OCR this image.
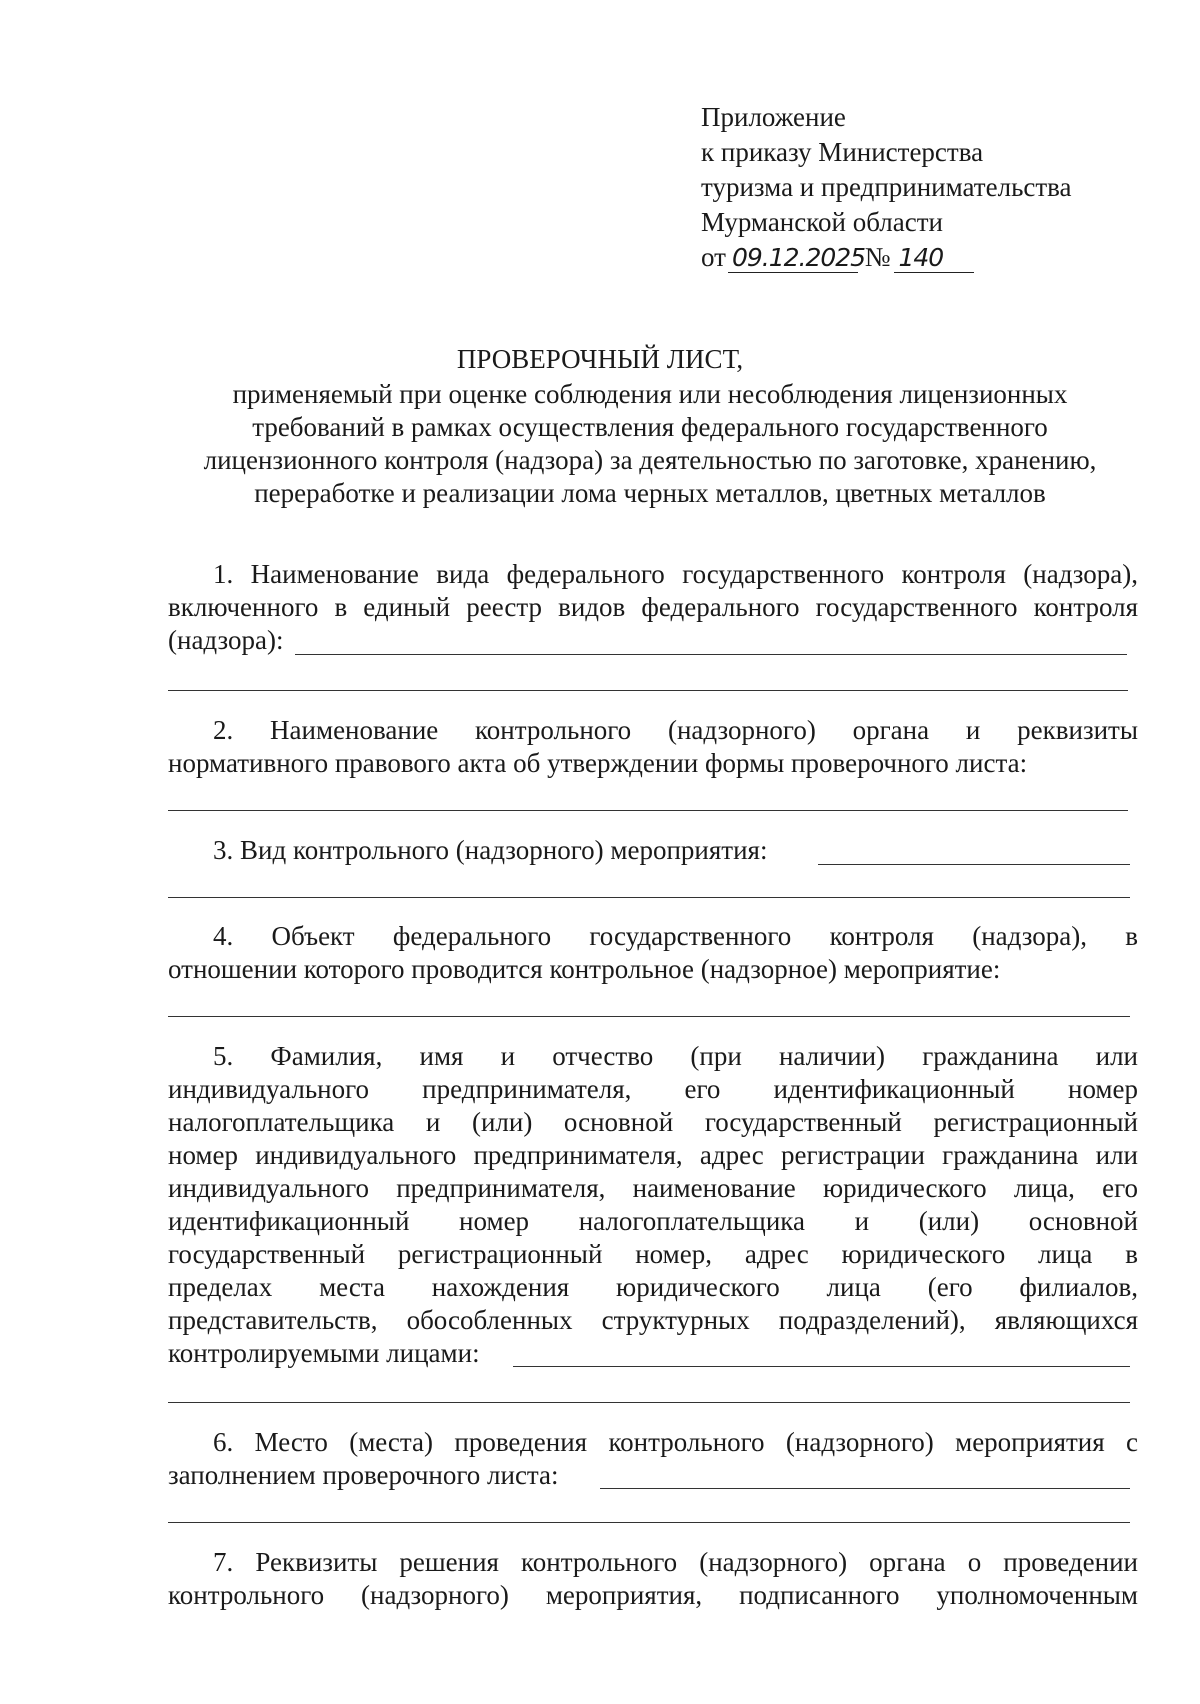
Приложение
к приказу Министерства
туризма и предпринимательства
Мурманской области
от 09.12.2025 № 140
ПРОВЕРОЧНЫЙ ЛИСТ,
применяемый при оценке соблюдения или несоблюдения лицензионных
требований в рамках осуществления федерального государственного
лицензионного контроля (надзора) за деятельностью по заготовке, хранению,
переработке и реализации лома черных металлов, цветных металлов
1. Наименование вида федерального государственного контроля (надзора),
включенного в единый реестр видов федерального государственного контроля
(надзора):
2. Наименование контрольного (надзорного) органа и реквизиты
нормативного правового акта об утверждении формы проверочного листа:
3. Вид контрольного (надзорного) мероприятия:
4. Объект федерального государственного контроля (надзора), в
отношении которого проводится контрольное (надзорное) мероприятие:
5. Фамилия, имя и отчество (при наличии) гражданина или
индивидуального предпринимателя, его идентификационный номер
налогоплательщика и (или) основной государственный регистрационный
номер индивидуального предпринимателя, адрес регистрации гражданина или
индивидуального предпринимателя, наименование юридического лица, его
идентификационный номер налогоплательщика и (или) основной
государственный регистрационный номер, адрес юридического лица в
пределах места нахождения юридического лица (его филиалов,
представительств, обособленных структурных подразделений), являющихся
контролируемыми лицами:
6. Место (места) проведения контрольного (надзорного) мероприятия с
заполнением проверочного листа:
7. Реквизиты решения контрольного (надзорного) органа о проведении
контрольного (надзорного) мероприятия, подписанного уполномоченным
